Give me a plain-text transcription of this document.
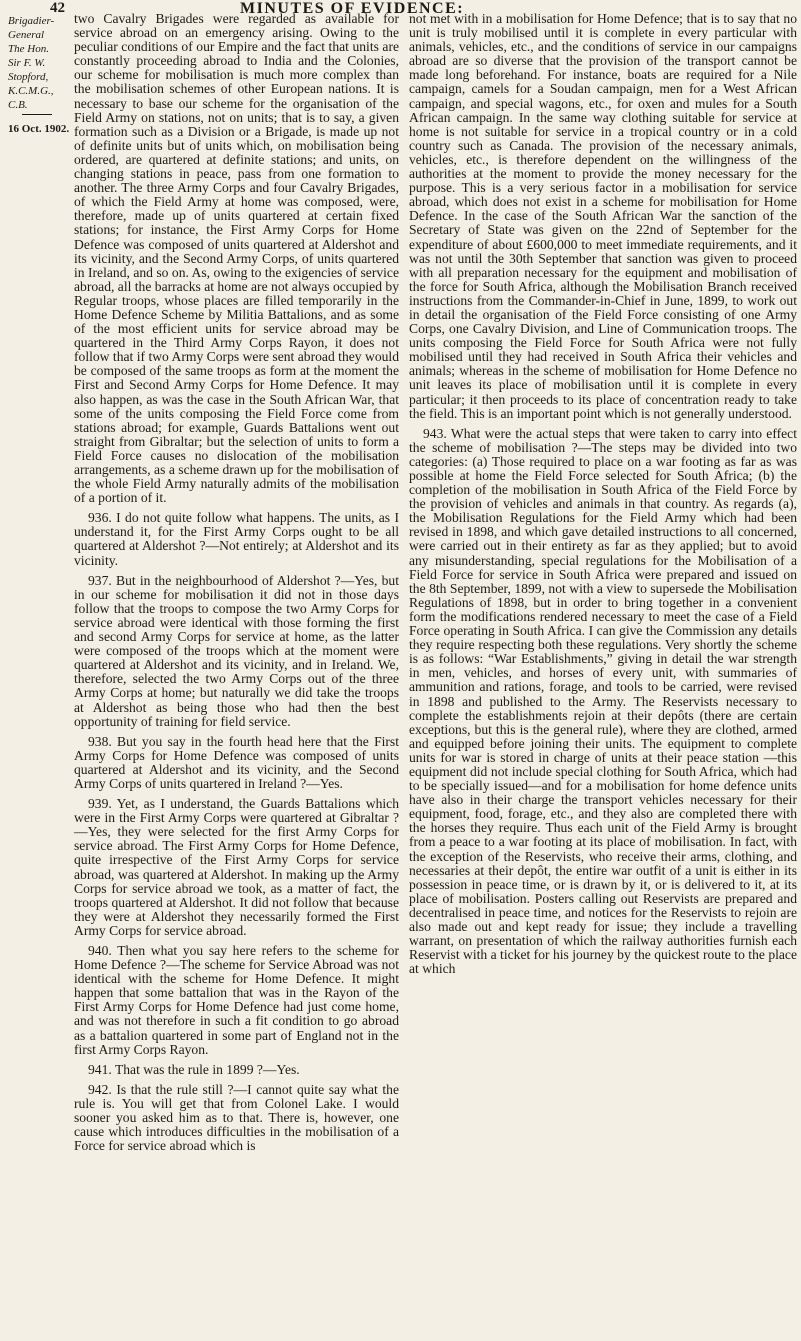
42	MINUTES OF EVIDENCE:
Brigadier-
General
The Hon.
Sir F. W.
Stopford,
K.C.M.G., C.B.
16 Oct. 1902.

two Cavalry Brigades were regarded as available for service abroad on an emergency arising. Owing to the peculiar conditions of our Empire and the fact that units are constantly proceeding abroad to India and the Colonies, our scheme for mobilisation is much more complex than the mobilisation schemes of other European nations. It is necessary to base our scheme for the organisation of the Field Army on stations, not on units; that is to say, a given formation such as a Division or a Brigade, is made up not of definite units but of units which, on mobilisation being ordered, are quartered at definite stations; and units, on changing stations in peace, pass from one formation to another. The three Army Corps and four Cavalry Brigades, of which the Field Army at home was composed, were, therefore, made up of units quartered at certain fixed stations; for instance, the First Army Corps for Home Defence was composed of units quartered at Aldershot and its vicinity, and the Second Army Corps, of units quartered in Ireland, and so on. As, owing to the exigencies of service abroad, all the barracks at home are not always occupied by Regular troops, whose places are filled temporarily in the Home Defence Scheme by Militia Battalions, and as some of the most efficient units for service abroad may be quartered in the Third Army Corps Rayon, it does not follow that if two Army Corps were sent abroad they would be composed of the same troops as form at the moment the First and Second Army Corps for Home Defence. It may also happen, as was the case in the South African War, that some of the units composing the Field Force come from stations abroad; for example, Guards Battalions went out straight from Gibraltar; but the selection of units to form a Field Force causes no dislocation of the mobilisation arrangements, as a scheme drawn up for the mobilisation of the whole Field Army naturally admits of the mobilisation of a portion of it.

936. I do not quite follow what happens. The units, as I understand it, for the First Army Corps ought to be all quartered at Aldershot ?—Not entirely; at Aldershot and its vicinity.

937. But in the neighbourhood of Aldershot ?—Yes, but in our scheme for mobilisation it did not in those days follow that the troops to compose the two Army Corps for service abroad were identical with those forming the first and second Army Corps for service at home, as the latter were composed of the troops which at the moment were quartered at Aldershot and its vicinity, and in Ireland. We, therefore, selected the two Army Corps out of the three Army Corps at home; but naturally we did take the troops at Aldershot as being those who had then the best opportunity of training for field service.

938. But you say in the fourth head here that the First Army Corps for Home Defence was composed of units quartered at Aldershot and its vicinity, and the Second Army Corps of units quartered in Ireland ?—Yes.

939. Yet, as I understand, the Guards Battalions which were in the First Army Corps were quartered at Gibraltar ?—Yes, they were selected for the first Army Corps for service abroad. The First Army Corps for Home Defence, quite irrespective of the First Army Corps for service abroad, was quartered at Aldershot. In making up the Army Corps for service abroad we took, as a matter of fact, the troops quartered at Aldershot. It did not follow that because they were at Aldershot they necessarily formed the First Army Corps for service abroad.

940. Then what you say here refers to the scheme for Home Defence ?—The scheme for Service Abroad was not identical with the scheme for Home Defence. It might happen that some battalion that was in the Rayon of the First Army Corps for Home Defence had just come home, and was not therefore in such a fit condition to go abroad as a battalion quartered in some part of England not in the first Army Corps Rayon.

941. That was the rule in 1899 ?—Yes.

942. Is that the rule still ?—I cannot quite say what the rule is. You will get that from Colonel Lake. I would sooner you asked him as to that. There is, however, one cause which introduces difficulties in the mobilisation of a Force for service abroad which is

not met with in a mobilisation for Home Defence; that is to say that no unit is truly mobilised until it is complete in every particular with animals, vehicles, etc., and the conditions of service in our campaigns abroad are so diverse that the provision of the transport cannot be made long beforehand. For instance, boats are required for a Nile campaign, camels for a Soudan campaign, men for a West African campaign, and special wagons, etc., for oxen and mules for a South African campaign. In the same way clothing suitable for service at home is not suitable for service in a tropical country or in a cold country such as Canada. The provision of the necessary animals, vehicles, etc., is therefore dependent on the willingness of the authorities at the moment to provide the money necessary for the purpose. This is a very serious factor in a mobilisation for service abroad, which does not exist in a scheme for mobilisation for Home Defence. In the case of the South African War the sanction of the Secretary of State was given on the 22nd of September for the expenditure of about £600,000 to meet immediate requirements, and it was not until the 30th September that sanction was given to proceed with all preparation necessary for the equipment and mobilisation of the force for South Africa, although the Mobilisation Branch received instructions from the Commander-in-Chief in June, 1899, to work out in detail the organisation of the Field Force consisting of one Army Corps, one Cavalry Division, and Line of Communication troops. The units composing the Field Force for South Africa were not fully mobilised until they had received in South Africa their vehicles and animals; whereas in the scheme of mobilisation for Home Defence no unit leaves its place of mobilisation until it is complete in every particular; it then proceeds to its place of concentration ready to take the field. This is an important point which is not generally understood.

943. What were the actual steps that were taken to carry into effect the scheme of mobilisation ?—The steps may be divided into two categories: (a) Those required to place on a war footing as far as was possible at home the Field Force selected for South Africa; (b) the completion of the mobilisation in South Africa of the Field Force by the provision of vehicles and animals in that country. As regards (a), the Mobilisation Regulations for the Field Army which had been revised in 1898, and which gave detailed instructions to all concerned, were carried out in their entirety as far as they applied; but to avoid any misunderstanding, special regulations for the Mobilisation of a Field Force for service in South Africa were prepared and issued on the 8th September, 1899, not with a view to supersede the Mobilisation Regulations of 1898, but in order to bring together in a convenient form the modifications rendered necessary to meet the case of a Field Force operating in South Africa. I can give the Commission any details they require respecting both these regulations. Very shortly the scheme is as follows: “War Establishments,” giving in detail the war strength in men, vehicles, and horses of every unit, with summaries of ammunition and rations, forage, and tools to be carried, were revised in 1898 and published to the Army. The Reservists necessary to complete the establishments rejoin at their depôts (there are certain exceptions, but this is the general rule), where they are clothed, armed and equipped before joining their units. The equipment to complete units for war is stored in charge of units at their peace station —this equipment did not include special clothing for South Africa, which had to be specially issued—and for a mobilisation for home defence units have also in their charge the transport vehicles necessary for their equipment, food, forage, etc., and they also are completed there with the horses they require. Thus each unit of the Field Army is brought from a peace to a war footing at its place of mobilisation. In fact, with the exception of the Reservists, who receive their arms, clothing, and necessaries at their depôt, the entire war outfit of a unit is either in its possession in peace time, or is drawn by it, or is delivered to it, at its place of mobilisation. Posters calling out Reservists are prepared and decentralised in peace time, and notices for the Reservists to rejoin are also made out and kept ready for issue; they include a travelling warrant, on presentation of which the railway authorities furnish each Reservist with a ticket for his journey by the quickest route to the place at which
